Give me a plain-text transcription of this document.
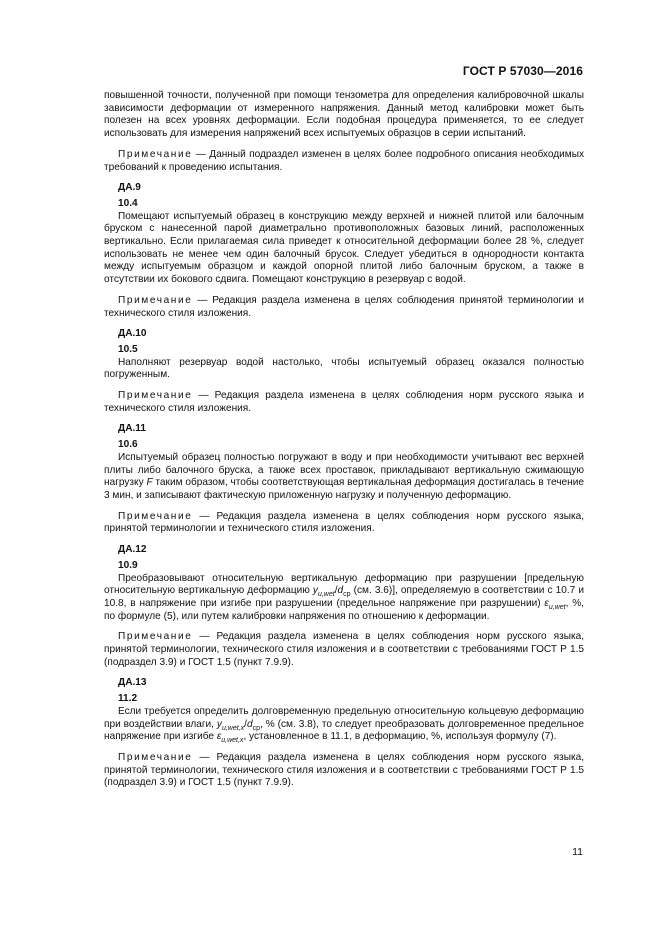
ГОСТ Р 57030—2016

повышенной точности, полученной при помощи тензометра для определения калибровочной шкалы зависимости деформации от измеренного напряжения. Данный метод калибровки может быть полезен на всех уровнях деформации. Если подобная процедура применяется, то ее следует использовать для измерения напряжений всех испытуемых образцов в серии испытаний.

Примечание — Данный подраздел изменен в целях более подробного описания необходимых требований к проведению испытания.

ДА.9
10.4

Помещают испытуемый образец в конструкцию между верхней и нижней плитой или балочным бруском с нанесенной парой диаметрально противоположных базовых линий, расположенных вертикально. Если прилагаемая сила приведет к относительной деформации более 28 %, следует использовать не менее чем один балочный брусок. Следует убедиться в однородности контакта между испытуемым образцом и каждой опорной плитой либо балочным бруском, а также в отсутствии их бокового сдвига. Помещают конструкцию в резервуар с водой.

Примечание — Редакция раздела изменена в целях соблюдения принятой терминологии и технического стиля изложения.

ДА.10
10.5

Наполняют резервуар водой настолько, чтобы испытуемый образец оказался полностью погруженным.

Примечание — Редакция раздела изменена в целях соблюдения норм русского языка и технического стиля изложения.

ДА.11
10.6

Испытуемый образец полностью погружают в воду и при необходимости учитывают вес верхней плиты либо балочного бруска, а также всех проставок, прикладывают вертикальную сжимающую нагрузку F таким образом, чтобы соответствующая вертикальная деформация достигалась в течение 3 мин, и записывают фактическую приложенную нагрузку и полученную деформацию.

Примечание — Редакция раздела изменена в целях соблюдения норм русского языка, принятой терминологии и технического стиля изложения.

ДА.12
10.9

Преобразовывают относительную вертикальную деформацию при разрушении [предельную относительную вертикальную деформацию $y_{u,wet}/d_{cp}$ (см. 3.6)], определяемую в соответствии с 10.7 и 10.8, в напряжение при изгибе при разрушении (предельное напряжение при разрушении) $\varepsilon_{u,wet}$, %, по формуле (5), или путем калибровки напряжения по отношению к деформации.

Примечание — Редакция раздела изменена в целях соблюдения норм русского языка, принятой терминологии, технического стиля изложения и в соответствии с требованиями ГОСТ Р 1.5 (подраздел 3.9) и ГОСТ 1.5 (пункт 7.9.9).

ДА.13
11.2

Если требуется определить долговременную предельную относительную кольцевую деформацию при воздействии влаги, $y_{u,wet,x}/d_{cp}$, % (см. 3.8), то следует преобразовать долговременное предельное напряжение при изгибе $\varepsilon_{u,wet,x}$, установленное в 11.1, в деформацию, %, используя формулу (7).

Примечание — Редакция раздела изменена в целях соблюдения норм русского языка, принятой терминологии, технического стиля изложения и в соответствии с требованиями ГОСТ Р 1.5 (подраздел 3.9) и ГОСТ 1.5 (пункт 7.9.9).

11
